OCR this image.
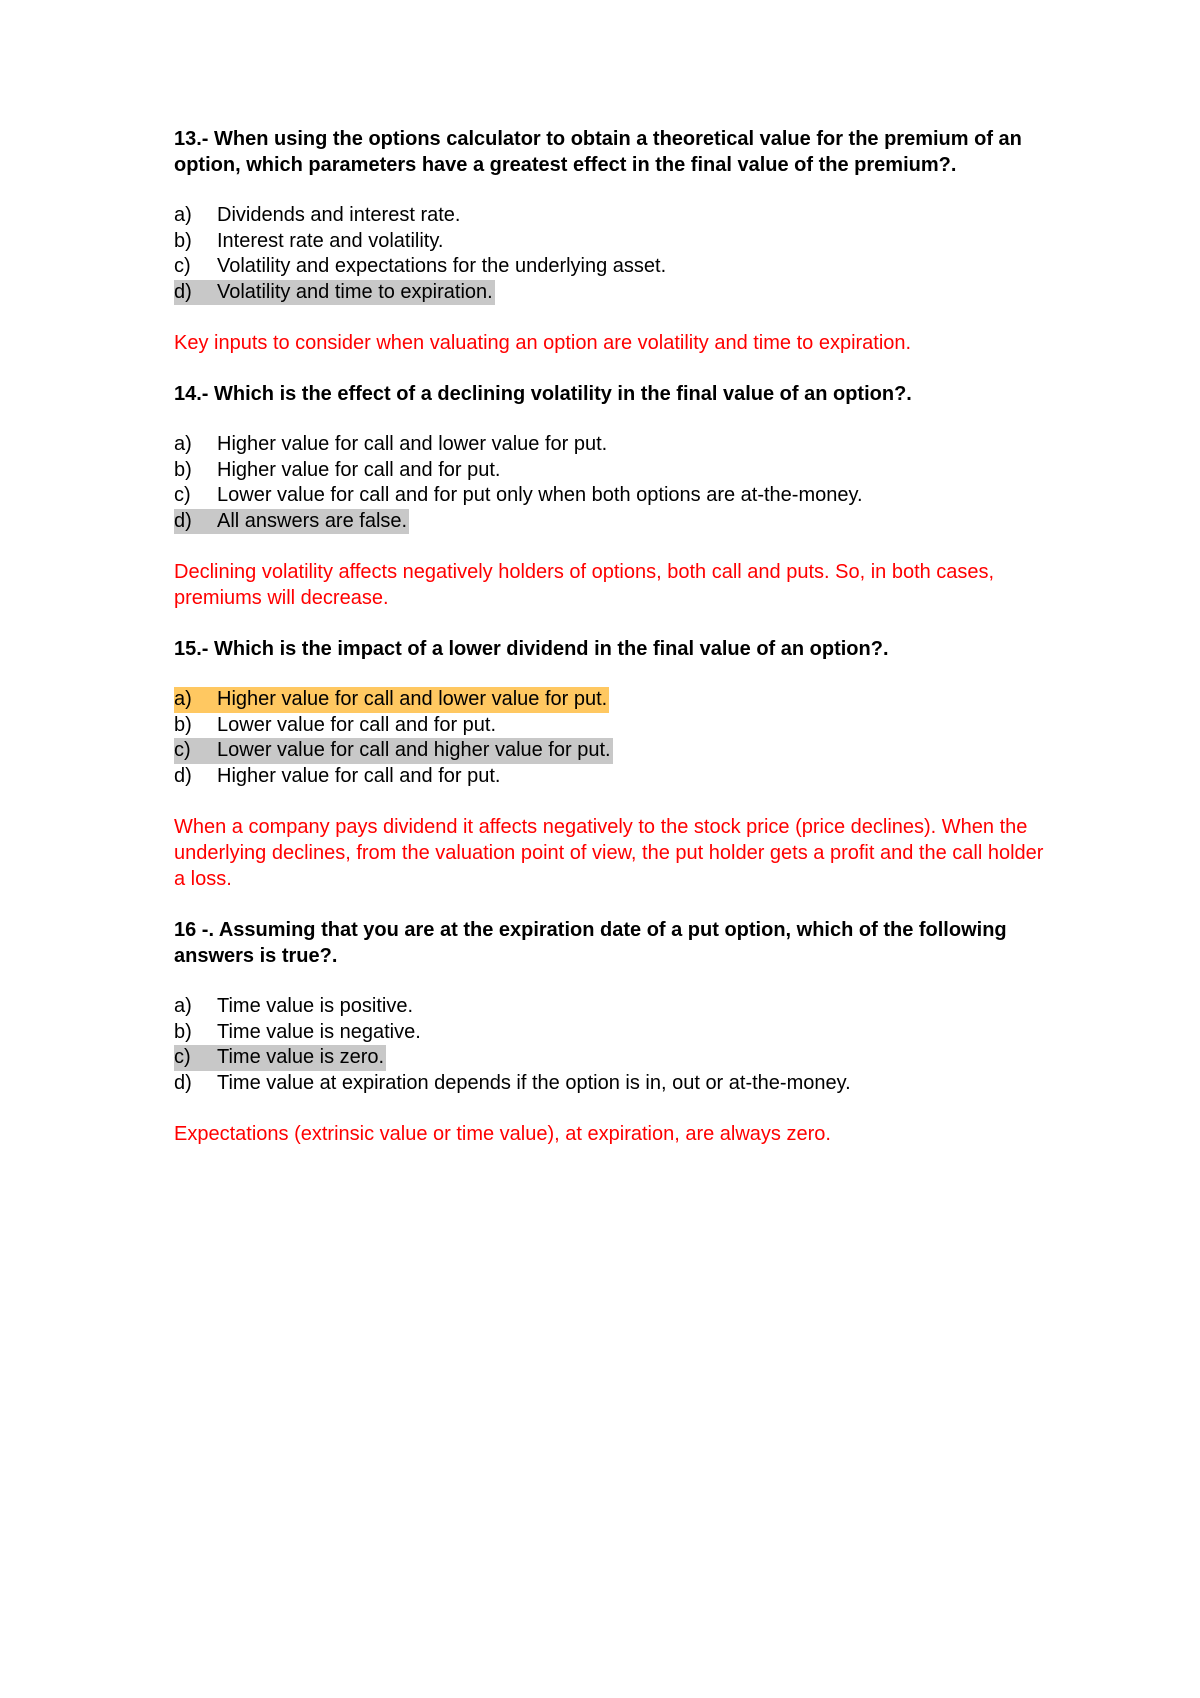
13.- When using the options calculator to obtain a theoretical value for the premium of an option, which parameters have a greatest effect in the final value of the premium?.

a) Dividends and interest rate.
b) Interest rate and volatility.
c) Volatility and expectations for the underlying asset.
d) Volatility and time to expiration.

Key inputs to consider when valuating an option are volatility and time to expiration.

14.- Which is the effect of a declining volatility in the final value of an option?.

a) Higher value for call and lower value for put.
b) Higher value for call and for put.
c) Lower value for call and for put only when both options are at-the-money.
d) All answers are false.

Declining volatility affects negatively holders of options, both call and puts. So, in both cases, premiums will decrease.

15.- Which is the impact of a lower dividend in the final value of an option?.

a) Higher value for call and lower value for put.
b) Lower value for call and for put.
c) Lower value for call and higher value for put.
d) Higher value for call and for put.

When a company pays dividend it affects negatively to the stock price (price declines). When the underlying declines, from the valuation point of view, the put holder gets a profit and the call holder a loss.

16 -. Assuming that you are at the expiration date of a put option, which of the following answers is true?.

a) Time value is positive.
b) Time value is negative.
c) Time value is zero.
d) Time value at expiration depends if the option is in, out or at-the-money.

Expectations (extrinsic value or time value), at expiration, are always zero.
